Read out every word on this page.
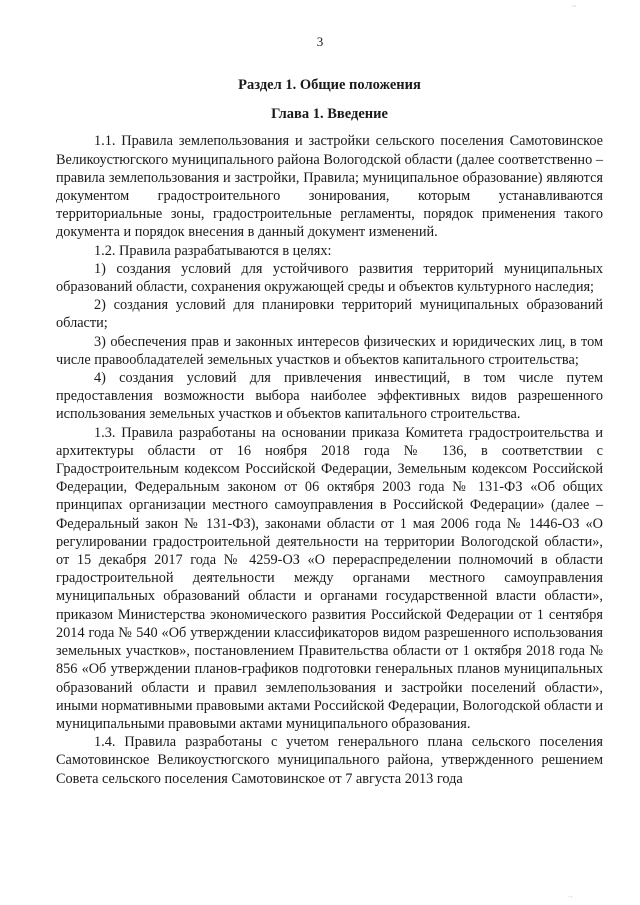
3
,,,
Раздел 1. Общие положения
Глава 1. Введение

1.1. Правила землепользования и застройки сельского поселения Самотовинское Великоустюгского муниципального района Вологодской области (далее соответственно – правила землепользования и застройки, Правила; муниципальное образование) являются документом градостроительного зонирования, которым устанавливаются территориальные зоны, градостроительные регламенты, порядок применения такого документа и порядок внесения в данный документ изменений.

1.2. Правила разрабатываются в целях:

1) создания условий для устойчивого развития территорий муниципальных образований области, сохранения окружающей среды и объектов культурного наследия;

2) создания условий для планировки территорий муниципальных образований области;

3) обеспечения прав и законных интересов физических и юридических лиц, в том числе правообладателей земельных участков и объектов капитального строительства;

4) создания условий для привлечения инвестиций, в том числе путем предоставления возможности выбора наиболее эффективных видов разрешенного использования земельных участков и объектов капитального строительства.

1.3. Правила разработаны на основании приказа Комитета градостроительства и архитектуры области от 16 ноября 2018 года № 136, в соответствии с Градостроительным кодексом Российской Федерации, Земельным кодексом Российской Федерации, Федеральным законом от 06 октября 2003 года № 131-ФЗ «Об общих принципах организации местного самоуправления в Российской Федерации» (далее – Федеральный закон № 131-ФЗ), законами области от 1 мая 2006 года № 1446-ОЗ «О регулировании градостроительной деятельности на территории Вологодской области», от 15 декабря 2017 года № 4259-ОЗ «О перераспределении полномочий в области градостроительной деятельности между органами местного самоуправления муниципальных образований области и органами государственной власти области», приказом Министерства экономического развития Российской Федерации от 1 сентября 2014 года № 540 «Об утверждении классификаторов видом разрешенного использования земельных участков», постановлением Правительства области от 1 октября 2018 года № 856 «Об утверждении планов-графиков подготовки генеральных планов муниципальных образований области и правил землепользования и застройки поселений области», иными нормативными правовыми актами Российской Федерации, Вологодской области и муниципальными правовыми актами муниципального образования.

1.4. Правила разработаны с учетом генерального плана сельского поселения Самотовинское Великоустюгского муниципального района, утвержденного решением Совета сельского поселения Самотовинское от 7 августа 2013 года

..,
